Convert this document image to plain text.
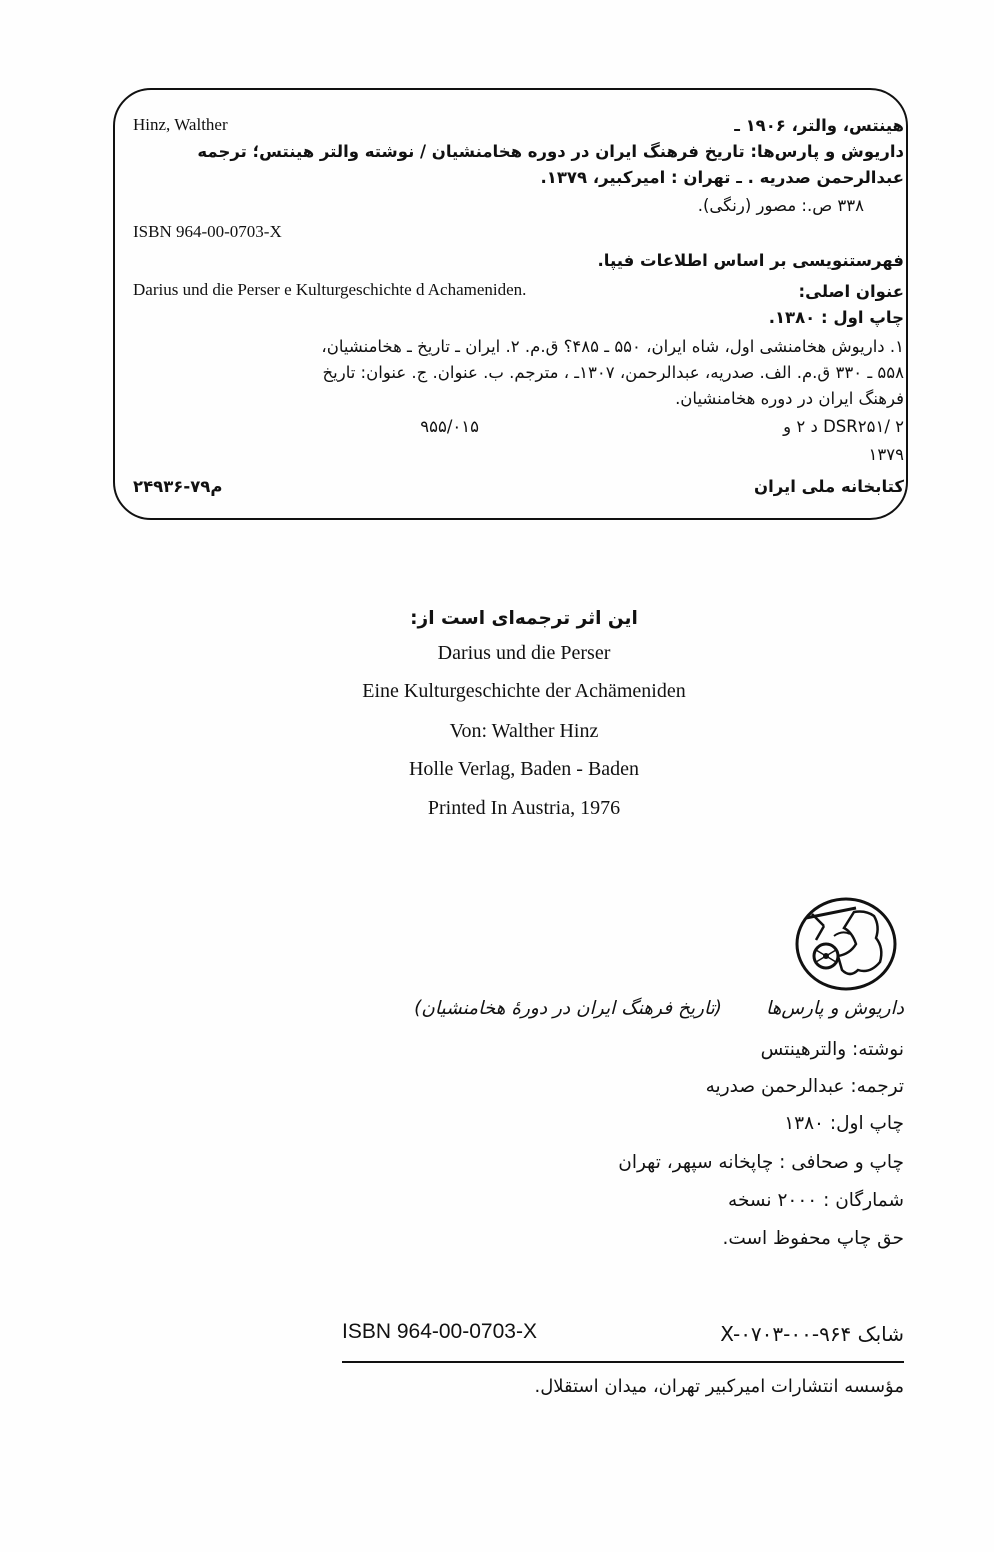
Hinz, Walther	هینتس، والتر، ۱۹۰۶ ـ
داریوش و پارس‌ها: تاریخ فرهنگ ایران در دوره هخامنشیان / نوشته والتر هینتس؛ ترجمه
عبدالرحمن صدریه . ـ تهران : امیرکبیر، ۱۳۷۹.
۳۳۸ ص.: مصور (رنگی).
ISBN 964-00-0703-X
فهرستنویسی بر اساس اطلاعات فیپا.
Darius und die Perser e Kulturgeschichte d Achameniden.	عنوان اصلی:
چاپ اول : ۱۳۸۰.
۱. داریوش هخامنشی اول، شاه ایران، ۵۵۰ ـ ۴۸۵؟ ق.م. ۲. ایران ـ تاریخ ـ هخامنشیان،
۵۵۸ ـ ۳۳۰ ق.م. الف. صدریه، عبدالرحمن، ۱۳۰۷ـ ، مترجم. ب. عنوان. ج. عنوان: تاریخ
فرهنگ ایران در دوره هخامنشیان.
DSR۲۵۱/ ۲ د ۲ و
۹۵۵/۰۱۵
۱۳۷۹
کتابخانه ملی ایران
۲۴۹۳۶-۷۹م
این اثر ترجمه‌ای است از:
Darius und die Perser
Eine Kulturgeschichte der Achämeniden
Von: Walther Hinz
Holle Verlag, Baden - Baden
Printed In Austria, 1976
داریوش و پارس‌ها
(تاریخ فرهنگ ایران در دورهٔ هخامنشیان)
نوشته: والترهینتس
ترجمه: عبدالرحمن صدریه
چاپ اول: ۱۳۸۰
چاپ و صحافی : چاپخانه سپهر، تهران
شمارگان : ۲۰۰۰ نسخه
حق چاپ محفوظ است.
ISBN 964-00-0703-X	شابک X-۰۷۰۳-۰۰-۹۶۴
مؤسسه انتشارات امیرکبیر تهران، میدان استقلال.
